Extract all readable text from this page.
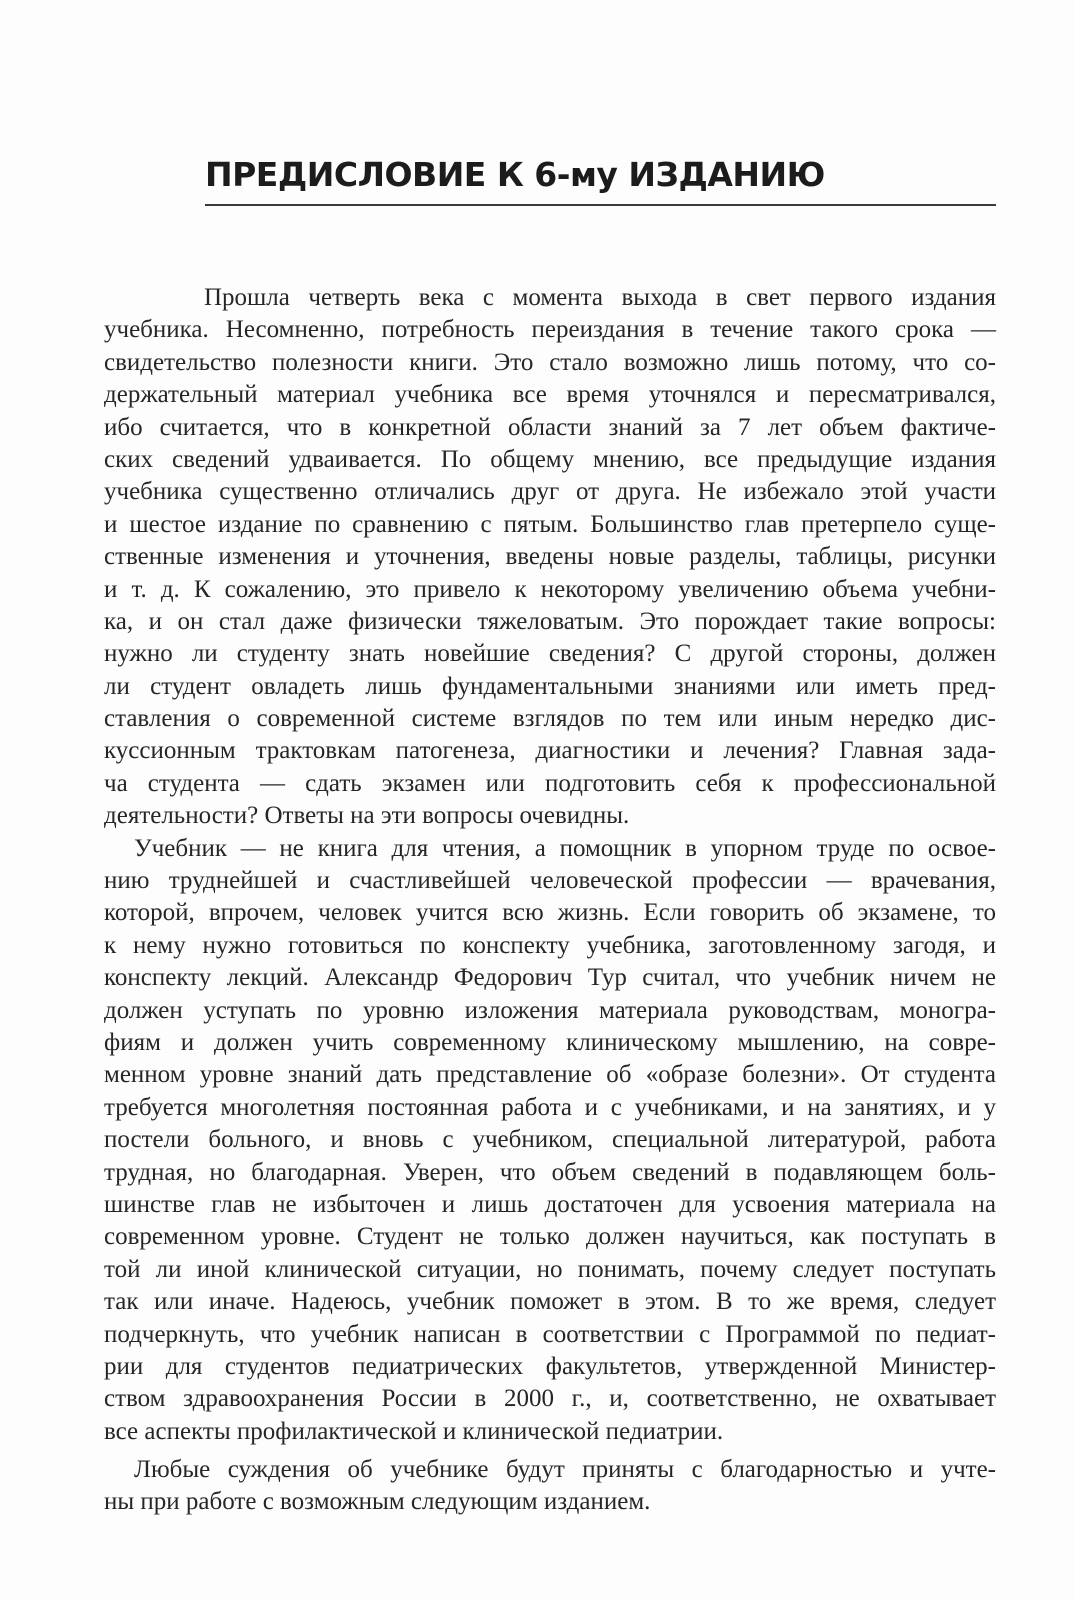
ПРЕДИСЛОВИЕ К 6-му ИЗДАНИЮ

Прошла четверть века с момента выхода в свет первого издания
учебника. Несомненно, потребность переиздания в течение такого срока —
свидетельство полезности книги. Это стало возможно лишь потому, что со-
держательный материал учебника все время уточнялся и пересматривался,
ибо считается, что в конкретной области знаний за 7 лет объем фактиче-
ских сведений удваивается. По общему мнению, все предыдущие издания
учебника существенно отличались друг от друга. Не избежало этой участи
и шестое издание по сравнению с пятым. Большинство глав претерпело суще-
ственные изменения и уточнения, введены новые разделы, таблицы, рисунки
и т. д. К сожалению, это привело к некоторому увеличению объема учебни-
ка, и он стал даже физически тяжеловатым. Это порождает такие вопросы:
нужно ли студенту знать новейшие сведения? С другой стороны, должен
ли студент овладеть лишь фундаментальными знаниями или иметь пред-
ставления о современной системе взглядов по тем или иным нередко дис-
куссионным трактовкам патогенеза, диагностики и лечения? Главная зада-
ча студента — сдать экзамен или подготовить себя к профессиональной
деятельности? Ответы на эти вопросы очевидны.

Учебник — не книга для чтения, а помощник в упорном труде по освое-
нию труднейшей и счастливейшей человеческой профессии — врачевания,
которой, впрочем, человек учится всю жизнь. Если говорить об экзамене, то
к нему нужно готовиться по конспекту учебника, заготовленному загодя, и
конспекту лекций. Александр Федорович Тур считал, что учебник ничем не
должен уступать по уровню изложения материала руководствам, моногра-
фиям и должен учить современному клиническому мышлению, на совре-
менном уровне знаний дать представление об «образе болезни». От студента
требуется многолетняя постоянная работа и с учебниками, и на занятиях, и у
постели больного, и вновь с учебником, специальной литературой, работа
трудная, но благодарная. Уверен, что объем сведений в подавляющем боль-
шинстве глав не избыточен и лишь достаточен для усвоения материала на
современном уровне. Студент не только должен научиться, как поступать в
той ли иной клинической ситуации, но понимать, почему следует поступать
так или иначе. Надеюсь, учебник поможет в этом. В то же время, следует
подчеркнуть, что учебник написан в соответствии с Программой по педиат-
рии для студентов педиатрических факультетов, утвержденной Министер-
ством здравоохранения России в 2000 г., и, соответственно, не охватывает
все аспекты профилактической и клинической педиатрии.

Любые суждения об учебнике будут приняты с благодарностью и учте-
ны при работе с возможным следующим изданием.
